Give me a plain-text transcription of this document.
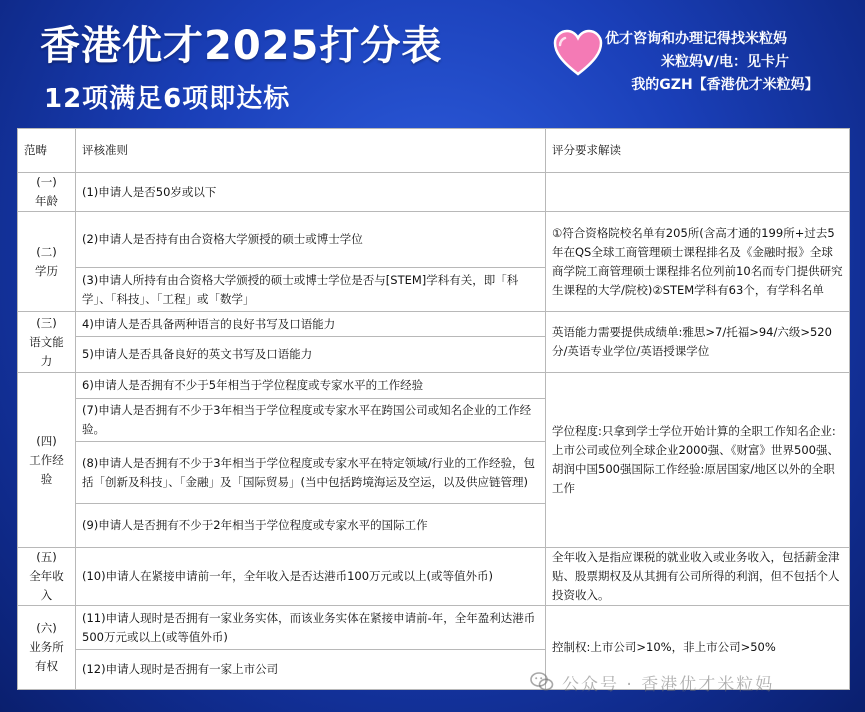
香港优才2025打分表
12项满足6项即达标
优才咨询和办理记得找米粒妈
米粒妈V/电：见卡片
我的GZH【香港优才米粒妈】
范畴	评核准则	评分要求解读
(一)
年龄	(1)申请人是否50岁或以下	
(二)
学历	(2)申请人是否持有由合资格大学颁授的硕士或博士学位	①符合资格院校名单有205所(含高才通的199所+过去5年在QS全球工商管理硕士课程排名及《金融时报》全球商学院工商管理硕士课程排名位列前10名而专门提供研究生课程的大学/院校)②STEM学科有63个，有学科名单
	(3)申请人所持有由合资格大学颁授的硕士或博士学位是否与[STEM]学科有关，即「科学」、「科技」、「工程」或「数学」	
(三)
语文能
力	4)申请人是否具备两种语言的良好书写及口语能力	英语能力需要提供成绩单:雅思>7/托福>94/六级>520分/英语专业学位/英语授课学位
	5)申请人是否具备良好的英文书写及口语能力	
(四)
工作经
验	6)申请人是否拥有不少于5年相当于学位程度或专家水平的工作经验	学位程度:只拿到学士学位开始计算的全职工作知名企业:上市公司或位列全球企业2000强、《财富》世界500强、胡润中国500强国际工作经验:原居国家/地区以外的全职工作
	(7)申请人是否拥有不少于3年相当于学位程度或专家水平在跨国公司或知名企业的工作经验。	
	(8)申请人是否拥有不少于3年相当于学位程度或专家水平在特定领域/行业的工作经验，包括「创新及科技」、「金融」及「国际贸易」(当中包括跨境海运及空运，以及供应链管理)	
	(9)申请人是否拥有不少于2年相当于学位程度或专家水平的国际工作	
(五)
全年收
入	(10)申请人在紧接申请前一年，全年收入是否达港币100万元或以上(或等值外币)	全年收入是指应课税的就业收入或业务收入，包括薪金津贴、股票期权及从其拥有公司所得的利润，但不包括个人投资收入。
(六)
业务所
有权	(11)申请人现时是否拥有一家业务实体，而该业务实体在紧接申请前-年，全年盈利达港币500万元或以上(或等值外币)	控制权:上市公司>10%，非上市公司>50%
	(12)申请人现时是否拥有一家上市公司	
公众号 · 香港优才米粒妈
